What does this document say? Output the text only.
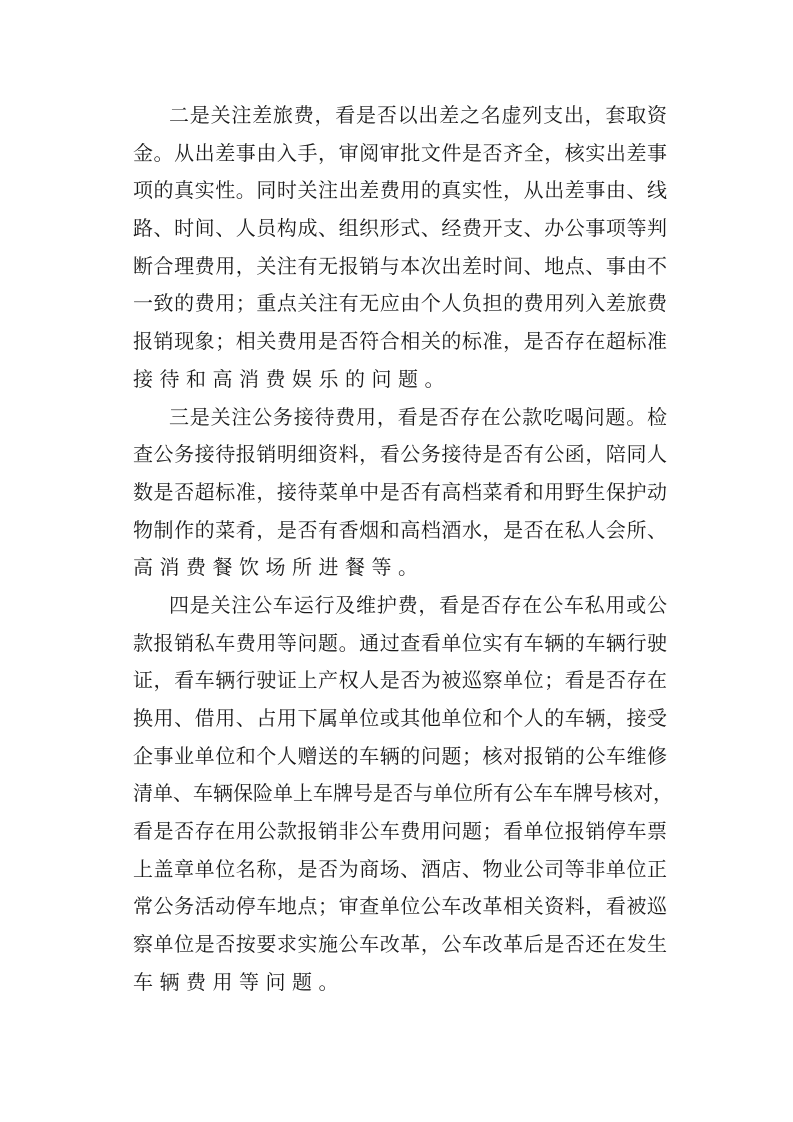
二是关注差旅费，看是否以出差之名虚列支出，套取资
金。从出差事由入手，审阅审批文件是否齐全，核实出差事
项的真实性。同时关注出差费用的真实性，从出差事由、线
路、时间、人员构成、组织形式、经费开支、办公事项等判
断合理费用，关注有无报销与本次出差时间、地点、事由不
一致的费用；重点关注有无应由个人负担的费用列入差旅费
报销现象；相关费用是否符合相关的标准，是否存在超标准
接待和高消费娱乐的问题。
三是关注公务接待费用，看是否存在公款吃喝问题。检
查公务接待报销明细资料，看公务接待是否有公函，陪同人
数是否超标准，接待菜单中是否有高档菜肴和用野生保护动
物制作的菜肴，是否有香烟和高档酒水，是否在私人会所、
高消费餐饮场所进餐等。
四是关注公车运行及维护费，看是否存在公车私用或公
款报销私车费用等问题。通过查看单位实有车辆的车辆行驶
证，看车辆行驶证上产权人是否为被巡察单位；看是否存在
换用、借用、占用下属单位或其他单位和个人的车辆，接受
企事业单位和个人赠送的车辆的问题；核对报销的公车维修
清单、车辆保险单上车牌号是否与单位所有公车车牌号核对，
看是否存在用公款报销非公车费用问题；看单位报销停车票
上盖章单位名称，是否为商场、酒店、物业公司等非单位正
常公务活动停车地点；审查单位公车改革相关资料，看被巡
察单位是否按要求实施公车改革，公车改革后是否还在发生
车辆费用等问题。
